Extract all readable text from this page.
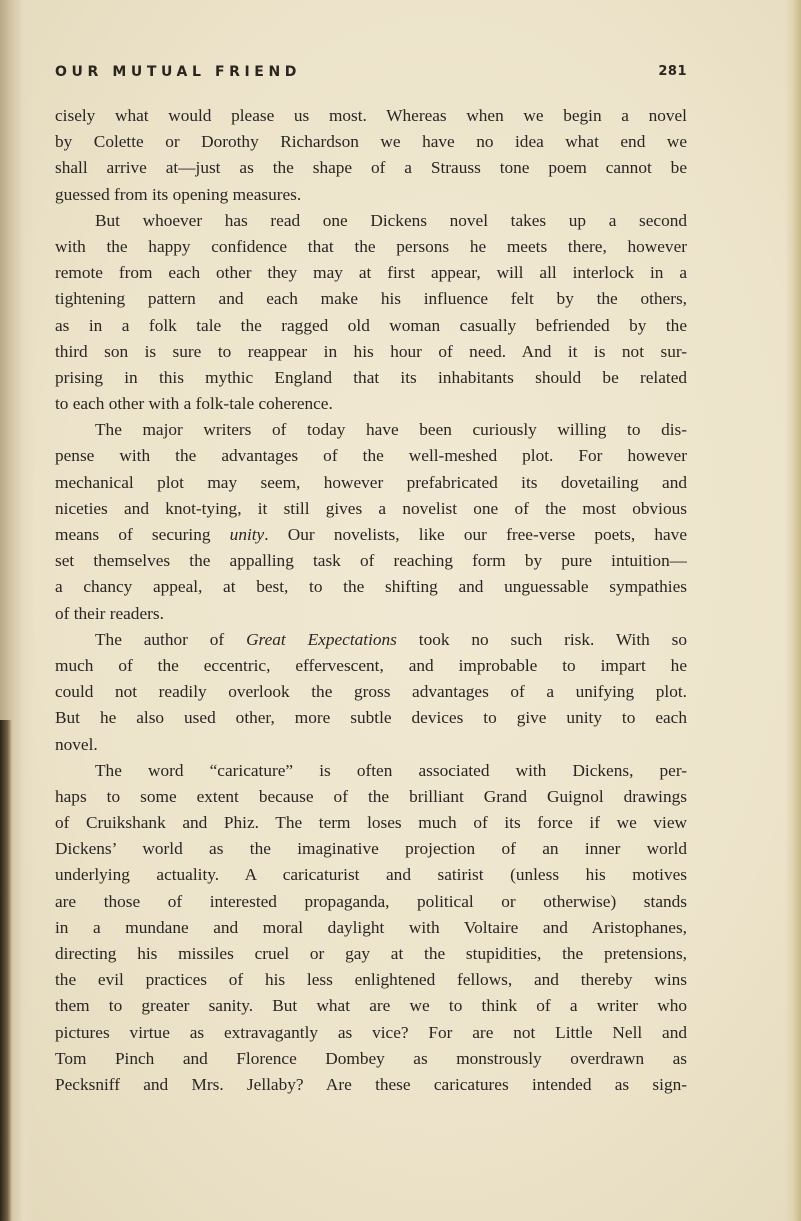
OUR MUTUAL FRIEND	281
cisely what would please us most. Whereas when we begin a novel
by Colette or Dorothy Richardson we have no idea what end we
shall arrive at—just as the shape of a Strauss tone poem cannot be
guessed from its opening measures.
But whoever has read one Dickens novel takes up a second
with the happy confidence that the persons he meets there, however
remote from each other they may at first appear, will all interlock in a
tightening pattern and each make his influence felt by the others,
as in a folk tale the ragged old woman casually befriended by the
third son is sure to reappear in his hour of need. And it is not sur-
prising in this mythic England that its inhabitants should be related
to each other with a folk-tale coherence.
The major writers of today have been curiously willing to dis-
pense with the advantages of the well-meshed plot. For however
mechanical plot may seem, however prefabricated its dovetailing and
niceties and knot-tying, it still gives a novelist one of the most obvious
means of securing unity. Our novelists, like our free-verse poets, have
set themselves the appalling task of reaching form by pure intuition—
a chancy appeal, at best, to the shifting and unguessable sympathies
of their readers.
The author of Great Expectations took no such risk. With so
much of the eccentric, effervescent, and improbable to impart he
could not readily overlook the gross advantages of a unifying plot.
But he also used other, more subtle devices to give unity to each
novel.
The word “caricature” is often associated with Dickens, per-
haps to some extent because of the brilliant Grand Guignol drawings
of Cruikshank and Phiz. The term loses much of its force if we view
Dickens’ world as the imaginative projection of an inner world
underlying actuality. A caricaturist and satirist (unless his motives
are those of interested propaganda, political or otherwise) stands
in a mundane and moral daylight with Voltaire and Aristophanes,
directing his missiles cruel or gay at the stupidities, the pretensions,
the evil practices of his less enlightened fellows, and thereby wins
them to greater sanity. But what are we to think of a writer who
pictures virtue as extravagantly as vice? For are not Little Nell and
Tom Pinch and Florence Dombey as monstrously overdrawn as
Pecksniff and Mrs. Jellaby? Are these caricatures intended as sign-
